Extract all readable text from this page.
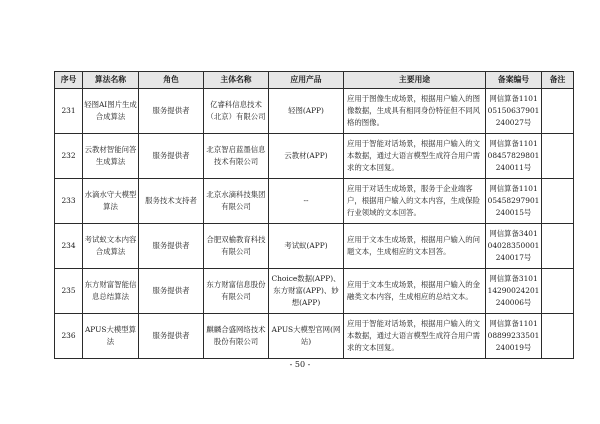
序号	算法名称	角色	主体名称	应用产品	主要用途	备案编号	备注
231	轻图AI图片生成合成算法	服务提供者	亿睿科信息技术（北京）有限公司	轻图(APP)	应用于图像生成场景，根据用户输入的图像数据，生成具有相同身份特征但不同风格的图像。	网信算备110105150637901240027号	
232	云教材智能问答生成算法	服务提供者	北京智启蓝墨信息技术有限公司	云教材(APP)	应用于智能对话场景，根据用户输入的文本数据，通过大语言模型生成符合用户需求的文本回复。	网信算备110108457829801240011号	
233	水滴水守大模型算法	服务技术支持者	北京水滴科技集团有限公司	--	应用于对话生成场景，服务于企业端客户，根据用户输入的文本内容，生成保险行业领域的文本回答。	网信算备110105458297901240015号	
234	考试蚁文本内容合成算法	服务提供者	合肥双榆教育科技有限公司	考试蚁(APP)	应用于文本生成场景，根据用户输入的问题文本，生成相应的文本回答。	网信算备340104028350001240017号	
235	东方财富智能信息总结算法	服务提供者	东方财富信息股份有限公司	Choice数据(APP)、东方财富(APP)、妙想(APP)	应用于文本生成场景，根据用户输入的金融类文本内容，生成相应的总结文本。	网信算备310114290024201240006号	
236	APUS大模型算法	服务提供者	麒麟合盛网络技术股份有限公司	APUS大模型官网(网站)	应用于智能对话场景，根据用户输入的文本数据，通过大语言模型生成符合用户需求的文本回复。	网信算备110108899233501240019号	
- 50 -
